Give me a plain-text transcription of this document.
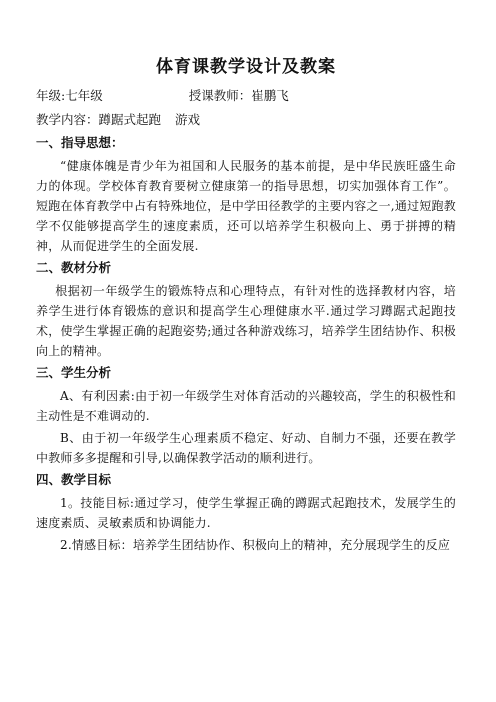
体育课教学设计及教案
年级:七年级	授课教师：崔鹏飞
教学内容：蹲踞式起跑 游戏
一、指导思想：

“健康体魄是青少年为祖国和人民服务的基本前提，是中华民族旺盛生命力的体现。学校体育教育要树立健康第一的指导思想，切实加强体育工作”。短跑在体育教学中占有特殊地位，是中学田径教学的主要内容之一,通过短跑教学不仅能够提高学生的速度素质，还可以培养学生积极向上、勇于拼搏的精神，从而促进学生的全面发展.

二、教材分析

根据初一年级学生的锻炼特点和心理特点，有针对性的选择教材内容，培养学生进行体育锻炼的意识和提高学生心理健康水平.通过学习蹲踞式起跑技术，使学生掌握正确的起跑姿势;通过各种游戏练习，培养学生团结协作、积极向上的精神。

三、学生分析

A、有利因素:由于初一年级学生对体育活动的兴趣较高，学生的积极性和主动性是不难调动的.

B、由于初一年级学生心理素质不稳定、好动、自制力不强，还要在教学中教师多多提醒和引导,以确保教学活动的顺利进行。

四、教学目标

1。技能目标:通过学习，使学生掌握正确的蹲踞式起跑技术，发展学生的速度素质、灵敏素质和协调能力.

2.情感目标：培养学生团结协作、积极向上的精神，充分展现学生的反应
